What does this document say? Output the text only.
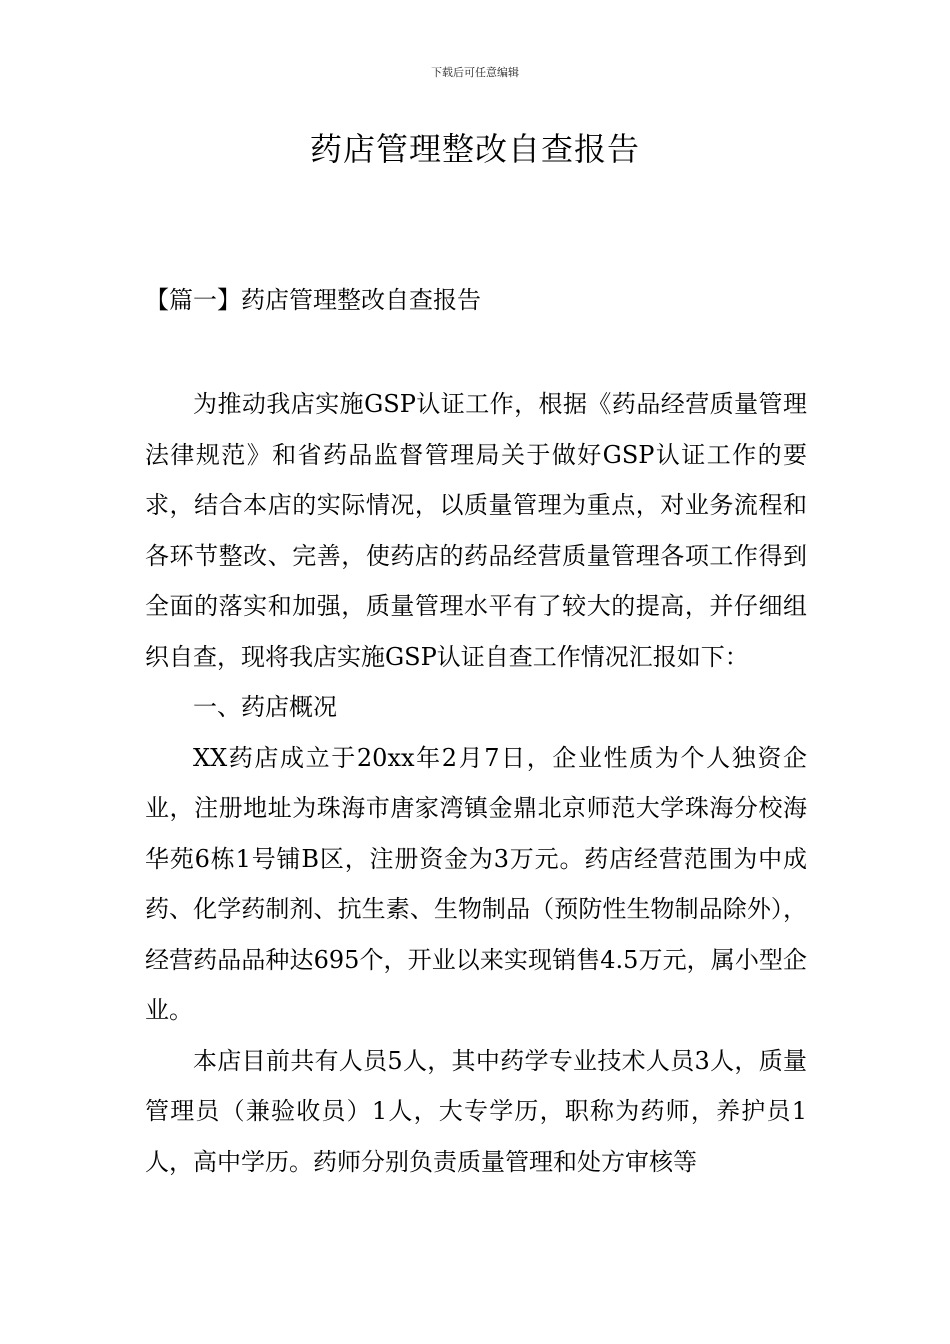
下载后可任意编辑
药店管理整改自查报告
【篇一】药店管理整改自查报告

为推动我店实施GSP认证工作，根据《药品经营质量管理法律规范》和省药品监督管理局关于做好GSP认证工作的要求，结合本店的实际情况，以质量管理为重点，对业务流程和各环节整改、完善，使药店的药品经营质量管理各项工作得到全面的落实和加强，质量管理水平有了较大的提高，并仔细组织自查，现将我店实施GSP认证自查工作情况汇报如下：

一、药店概况

XX药店成立于20xx年2月7日，企业性质为个人独资企业，注册地址为珠海市唐家湾镇金鼎北京师范大学珠海分校海华苑6栋1号铺B区，注册资金为3万元。药店经营范围为中成药、化学药制剂、抗生素、生物制品（预防性生物制品除外），经营药品品种达695个，开业以来实现销售4.5万元，属小型企业。

本店目前共有人员5人，其中药学专业技术人员3人，质量管理员（兼验收员）1人，大专学历，职称为药师，养护员1人，高中学历。药师分别负责质量管理和处方审核等
